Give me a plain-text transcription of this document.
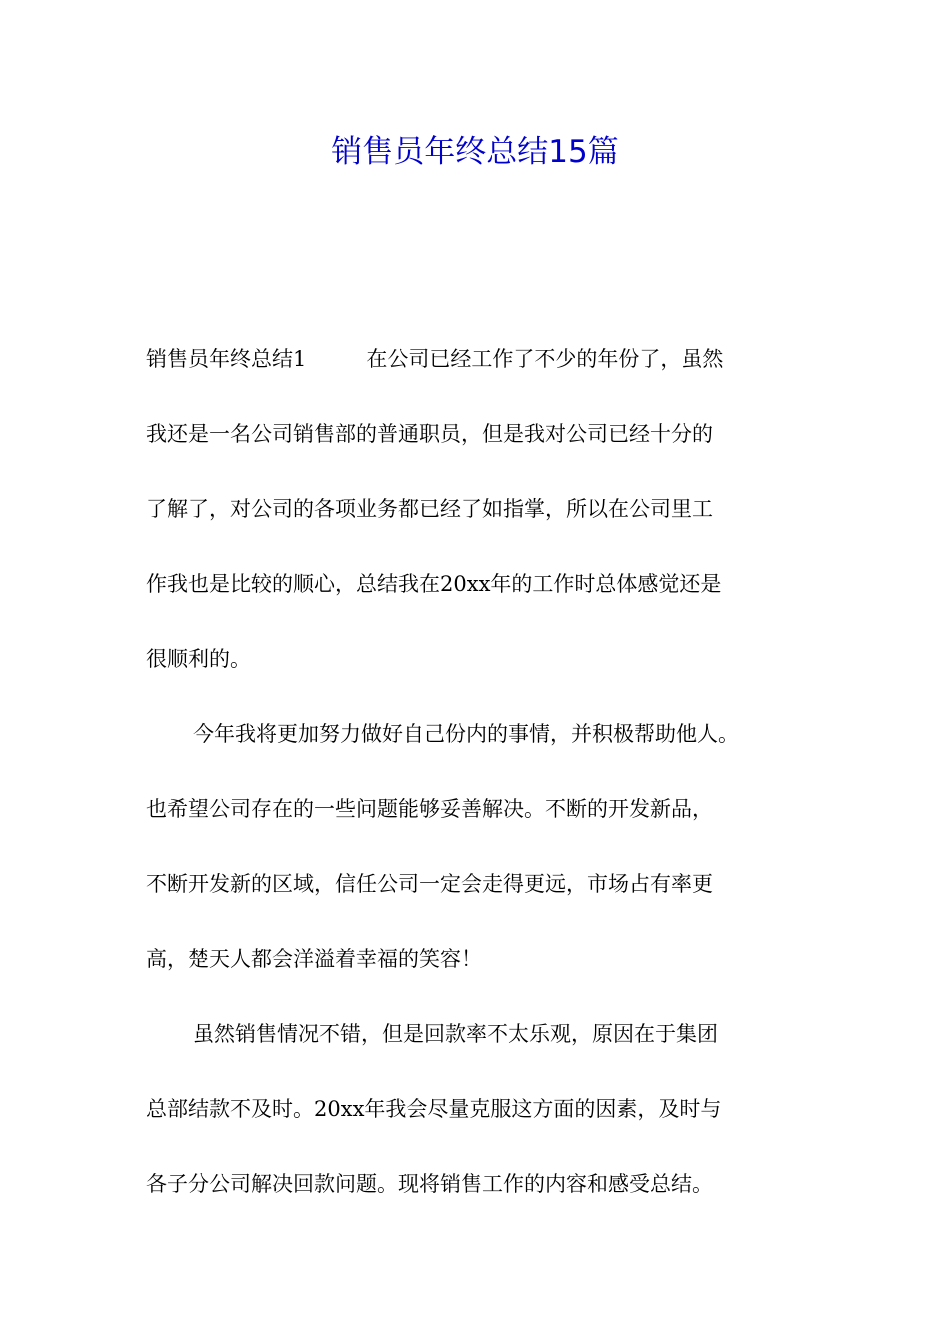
销售员年终总结15篇
销售员年终总结1	在公司已经工作了不少的年份了，虽然
我还是一名公司销售部的普通职员，但是我对公司已经十分的
了解了，对公司的各项业务都已经了如指掌，所以在公司里工
作我也是比较的顺心，总结我在20xx年的工作时总体感觉还是
很顺利的。
今年我将更加努力做好自己份内的事情，并积极帮助他人。
也希望公司存在的一些问题能够妥善解决。不断的开发新品，
不断开发新的区域，信任公司一定会走得更远，市场占有率更
高，楚天人都会洋溢着幸福的笑容！
虽然销售情况不错，但是回款率不太乐观，原因在于集团
总部结款不及时。20xx年我会尽量克服这方面的因素，及时与
各子分公司解决回款问题。现将销售工作的内容和感受总结。
